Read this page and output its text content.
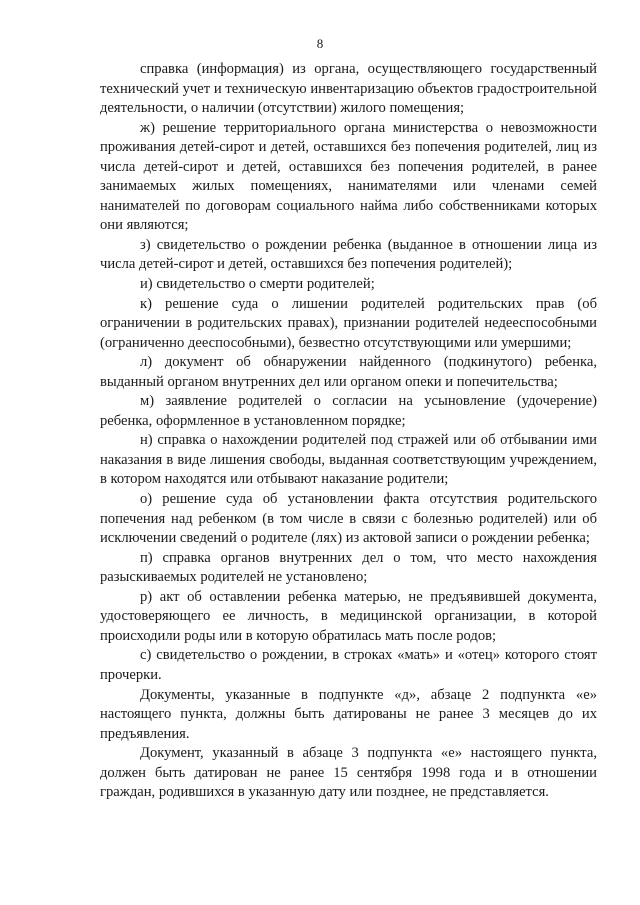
8

справка (информация) из органа, осуществляющего государственный технический учет и техническую инвентаризацию объектов градостроительной деятельности, о наличии (отсутствии) жилого помещения;

ж) решение территориального органа министерства о невозможности проживания детей-сирот и детей, оставшихся без попечения родителей, лиц из числа детей-сирот и детей, оставшихся без попечения родителей, в ранее занимаемых жилых помещениях, нанимателями или членами семей нанимателей по договорам социального найма либо собственниками которых они являются;

з) свидетельство о рождении ребенка (выданное в отношении лица из числа детей-сирот и детей, оставшихся без попечения родителей);

и) свидетельство о смерти родителей;

к) решение суда о лишении родителей родительских прав (об ограничении в родительских правах), признании родителей недееспособными (ограниченно дееспособными), безвестно отсутствующими или умершими;

л) документ об обнаружении найденного (подкинутого) ребенка, выданный органом внутренних дел или органом опеки и попечительства;

м) заявление родителей о согласии на усыновление (удочерение) ребенка, оформленное в установленном порядке;

н) справка о нахождении родителей под стражей или об отбывании ими наказания в виде лишения свободы, выданная соответствующим учреждением, в котором находятся или отбывают наказание родители;

о) решение суда об установлении факта отсутствия родительского попечения над ребенком (в том числе в связи с болезнью родителей) или об исключении сведений о родителе (лях) из актовой записи о рождении ребенка;

п) справка органов внутренних дел о том, что место нахождения разыскиваемых родителей не установлено;

р) акт об оставлении ребенка матерью, не предъявившей документа, удостоверяющего ее личность, в медицинской организации, в которой происходили роды или в которую обратилась мать после родов;

с) свидетельство о рождении, в строках «мать» и «отец» которого стоят прочерки.

Документы, указанные в подпункте «д», абзаце 2 подпункта «е» настоящего пункта, должны быть датированы не ранее 3 месяцев до их предъявления.

Документ, указанный в абзаце 3 подпункта «е» настоящего пункта, должен быть датирован не ранее 15 сентября 1998 года и в отношении граждан, родившихся в указанную дату или позднее, не представляется.
